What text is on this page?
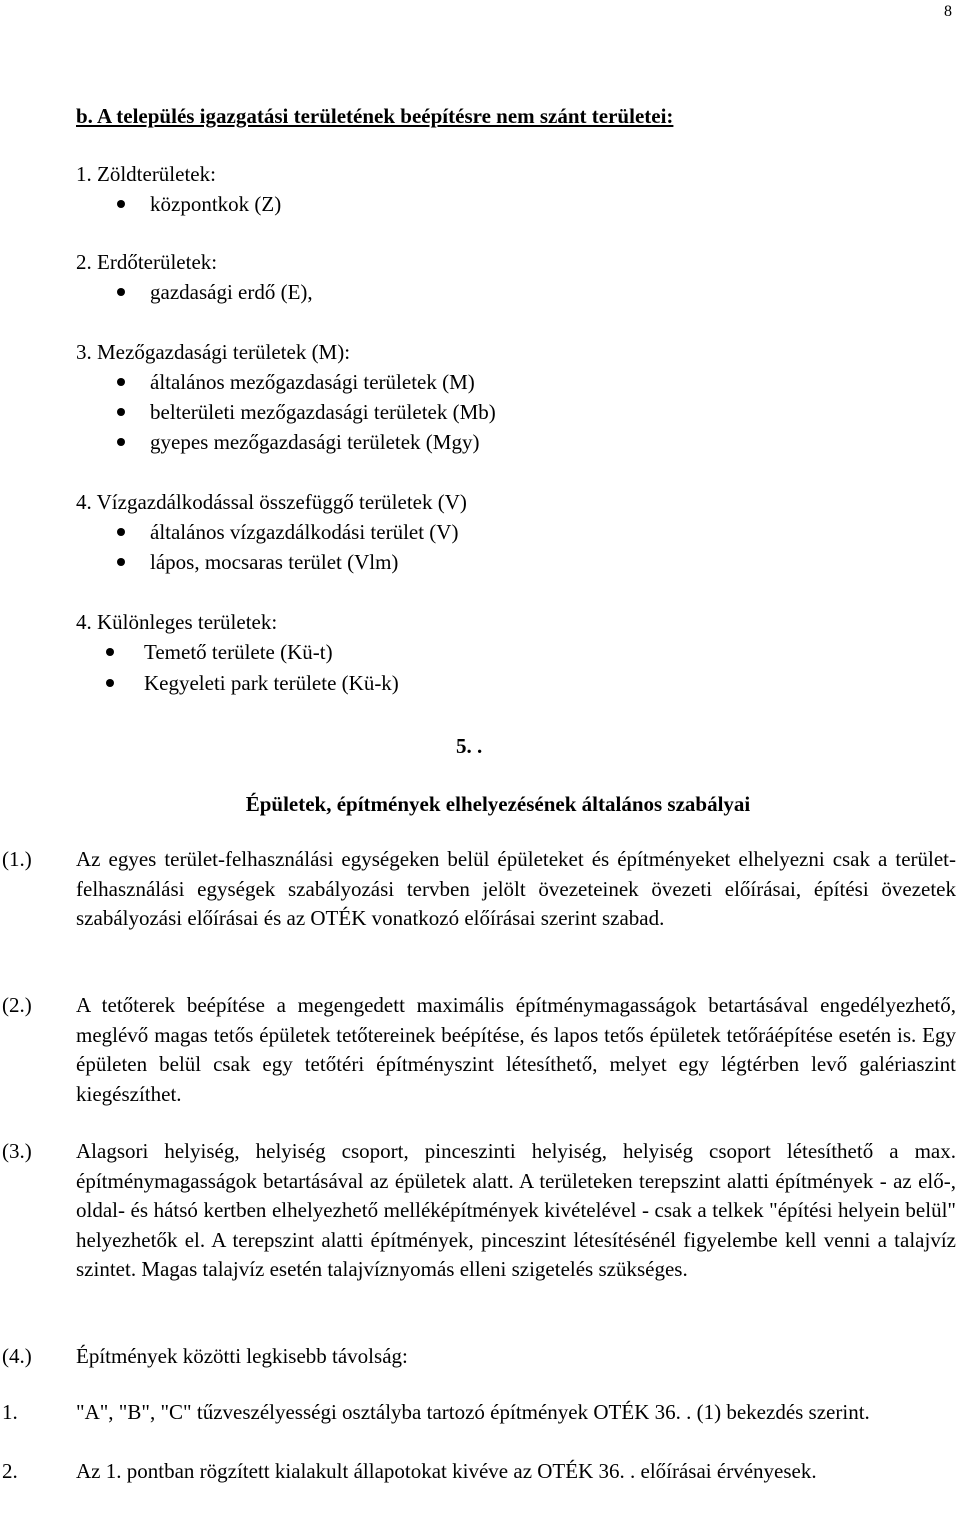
8
b. A település igazgatási területének beépítésre nem szánt területei:
1. Zöldterületek:
központkok (Z)
2. Erdőterületek:
gazdasági erdő (E),
3. Mezőgazdasági területek (M):
általános mezőgazdasági területek (M)
belterületi mezőgazdasági területek (Mb)
gyepes mezőgazdasági területek (Mgy)
4. Vízgazdálkodással összefüggő területek (V)
általános vízgazdálkodási terület (V)
lápos, mocsaras terület (Vlm)
4. Különleges területek:
Temető területe (Kü-t)
Kegyeleti park területe (Kü-k)
5. .
Épületek, építmények elhelyezésének általános szabályai
(1.) Az egyes terület-felhasználási egységeken belül épületeket és építményeket elhelyezni csak a terület-felhasználási egységek szabályozási tervben jelölt övezeteinek övezeti előírásai, építési övezetek szabályozási előírásai és az OTÉK vonatkozó előírásai szerint szabad.
(2.) A tetőterek beépítése a megengedett maximális építménymagasságok betartásával engedélyezhető, meglévő magas tetős épületek tetőtereinek beépítése, és lapos tetős épületek tetőráépítése esetén is. Egy épületen belül csak egy tetőtéri építményszint létesíthető, melyet egy légtérben levő galériaszint kiegészíthet.
(3.) Alagsori helyiség, helyiség csoport, pinceszinti helyiség, helyiség csoport létesíthető a max. építménymagasságok betartásával az épületek alatt. A területeken terepszint alatti építmények - az elő-, oldal- és hátsó kertben elhelyezhető melléképítmények kivételével - csak a telkek "építési helyein belül" helyezhetők el. A terepszint alatti építmények, pinceszint létesítésénél figyelembe kell venni a talajvíz szintet. Magas talajvíz esetén talajvíznyomás elleni szigetelés szükséges.
(4.) Építmények közötti legkisebb távolság:
1.	"A", "B", "C" tűzveszélyességi osztályba tartozó építmények OTÉK 36. . (1) bekezdés szerint.
2.	Az 1. pontban rögzített kialakult állapotokat kivéve az OTÉK 36. . előírásai érvényesek.
